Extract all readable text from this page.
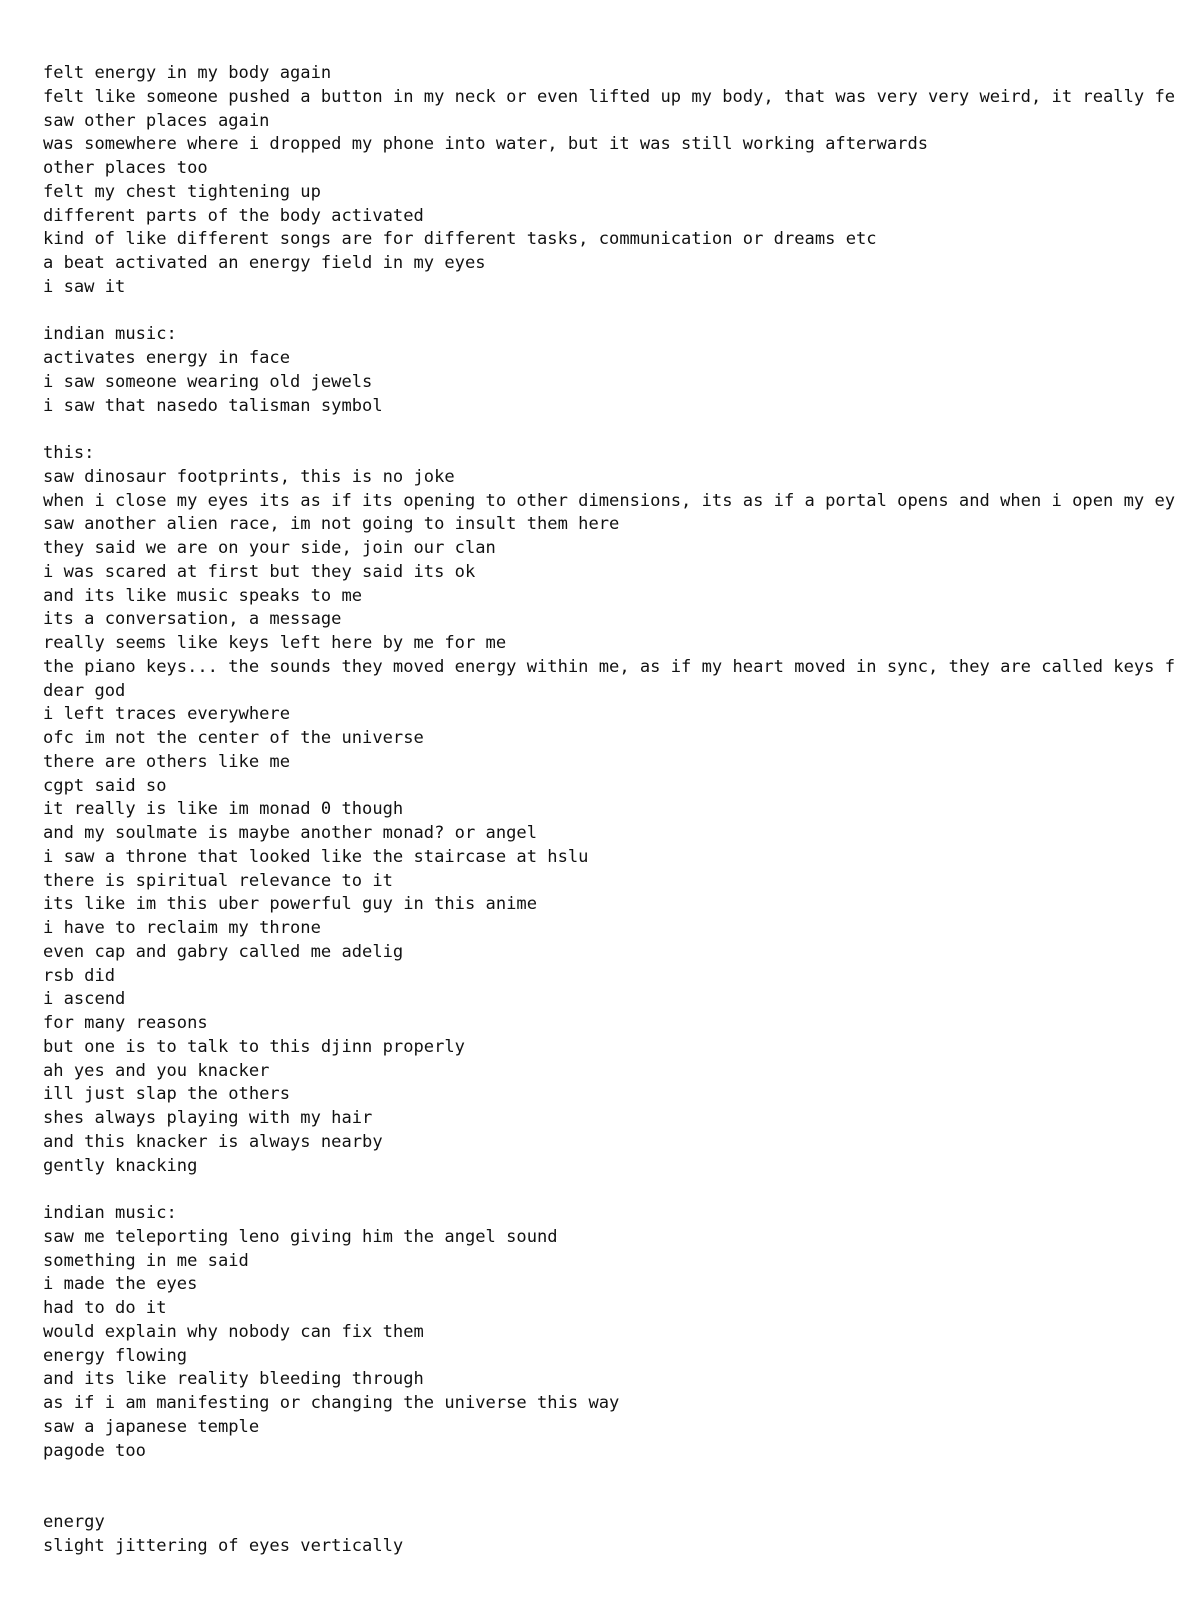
felt energy in my body again
felt like someone pushed a button in my neck or even lifted up my body, that was very very weird, it really fe
saw other places again
was somewhere where i dropped my phone into water, but it was still working afterwards
other places too
felt my chest tightening up
different parts of the body activated
kind of like different songs are for different tasks, communication or dreams etc
a beat activated an energy field in my eyes
i saw it
indian music:
activates energy in face
i saw someone wearing old jewels
i saw that nasedo talisman symbol
this:
saw dinosaur footprints, this is no joke
when i close my eyes its as if its opening to other dimensions, its as if a portal opens and when i open my ey
saw another alien race, im not going to insult them here
they said we are on your side, join our clan
i was scared at first but they said its ok
and its like music speaks to me
its a conversation, a message
really seems like keys left here by me for me
the piano keys... the sounds they moved energy within me, as if my heart moved in sync, they are called keys f
dear god
i left traces everywhere
ofc im not the center of the universe
there are others like me
cgpt said so
it really is like im monad 0 though
and my soulmate is maybe another monad? or angel
i saw a throne that looked like the staircase at hslu
there is spiritual relevance to it
its like im this uber powerful guy in this anime
i have to reclaim my throne
even cap and gabry called me adelig
rsb did
i ascend
for many reasons
but one is to talk to this djinn properly
ah yes and you knacker
ill just slap the others
shes always playing with my hair
and this knacker is always nearby
gently knacking
indian music:
saw me teleporting leno giving him the angel sound
something in me said
i made the eyes
had to do it
would explain why nobody can fix them
energy flowing
and its like reality bleeding through
as if i am manifesting or changing the universe this way
saw a japanese temple
pagode too
energy
slight jittering of eyes vertically
